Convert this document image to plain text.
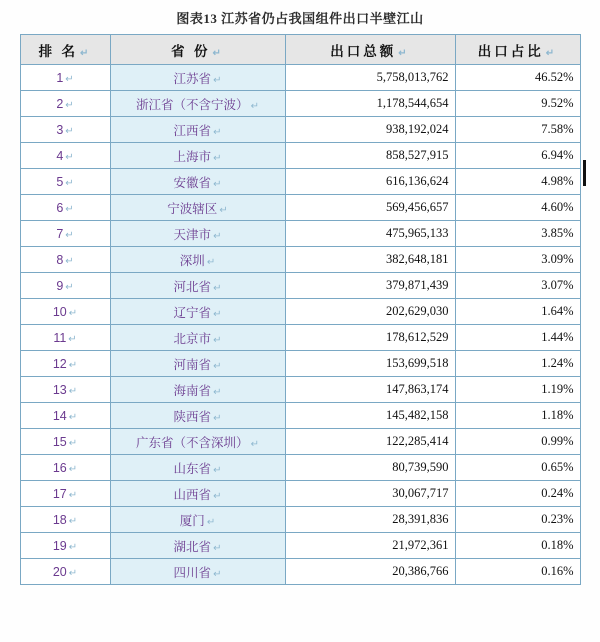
图表13 江苏省仍占我国组件出口半壁江山
排 名 ↵	省 份 ↵	出口总额 ↵	出口占比 ↵
1 ↵	江苏省 ↵	5,758,013,762	46.52%
2 ↵	浙江省（不含宁波） ↵	1,178,544,654	9.52%
3 ↵	江西省 ↵	938,192,024	7.58%
4 ↵	上海市 ↵	858,527,915	6.94%
5 ↵	安徽省 ↵	616,136,624	4.98%
6 ↵	宁波辖区 ↵	569,456,657	4.60%
7 ↵	天津市 ↵	475,965,133	3.85%
8 ↵	深圳 ↵	382,648,181	3.09%
9 ↵	河北省 ↵	379,871,439	3.07%
10 ↵	辽宁省 ↵	202,629,030	1.64%
11 ↵	北京市 ↵	178,612,529	1.44%
12 ↵	河南省 ↵	153,699,518	1.24%
13 ↵	海南省 ↵	147,863,174	1.19%
14 ↵	陕西省 ↵	145,482,158	1.18%
15 ↵	广东省（不含深圳） ↵	122,285,414	0.99%
16 ↵	山东省 ↵	80,739,590	0.65%
17 ↵	山西省 ↵	30,067,717	0.24%
18 ↵	厦门 ↵	28,391,836	0.23%
19 ↵	湖北省 ↵	21,972,361	0.18%
20 ↵	四川省 ↵	20,386,766	0.16%
